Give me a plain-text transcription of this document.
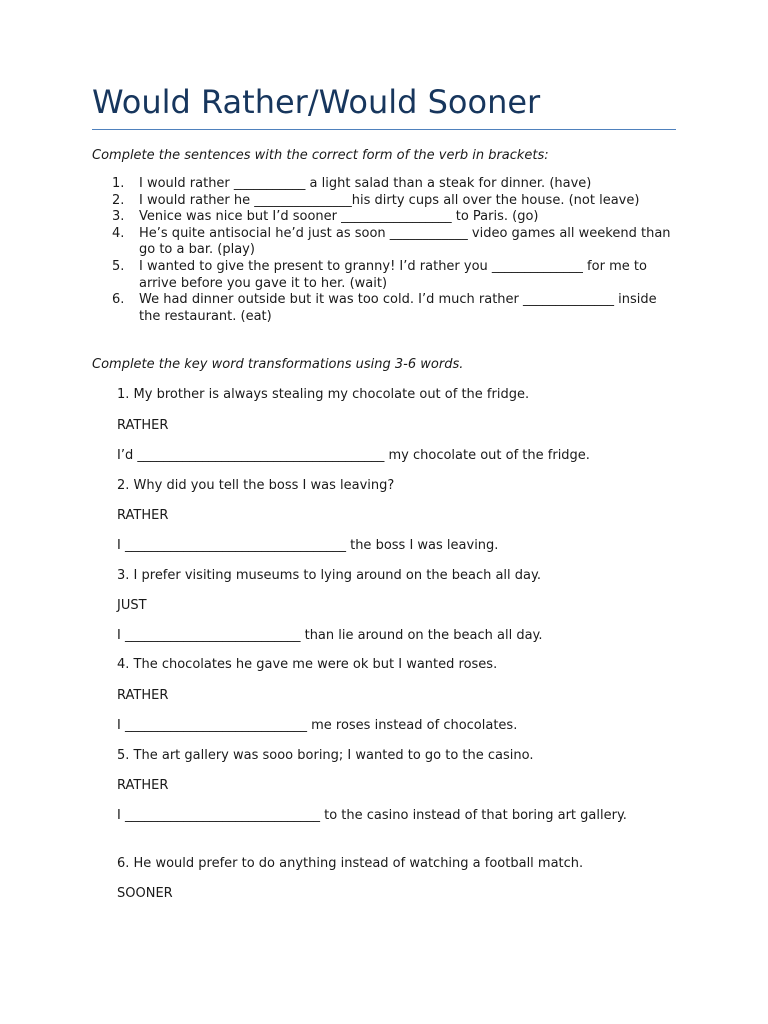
Would Rather/Would Sooner
Complete the sentences with the correct form of the verb in brackets:
1.	I would rather ___________ a light salad than a steak for dinner. (have)
2.	I would rather he _______________his dirty cups all over the house. (not leave)
3.	Venice was nice but I’d sooner _________________ to Paris. (go)
4.	He’s quite antisocial he’d just as soon ____________ video games all weekend than go to a bar. (play)
5.	I wanted to give the present to granny! I’d rather you ______________ for me to arrive before you gave it to her. (wait)
6.	We had dinner outside but it was too cold. I’d much rather ______________ inside the restaurant. (eat)
Complete the key word transformations using 3-6 words.
1. My brother is always stealing my chocolate out of the fridge.
RATHER
I’d ______________________________________ my chocolate out of the fridge.
2. Why did you tell the boss I was leaving?
RATHER
I __________________________________ the boss I was leaving.
3. I prefer visiting museums to lying around on the beach all day.
JUST
I ___________________________ than lie around on the beach all day.
4. The chocolates he gave me were ok but I wanted roses.
RATHER
I ____________________________ me roses instead of chocolates.
5. The art gallery was sooo boring; I wanted to go to the casino.
RATHER
I ______________________________ to the casino instead of that boring art gallery.
6. He would prefer to do anything instead of watching a football match.
SOONER
